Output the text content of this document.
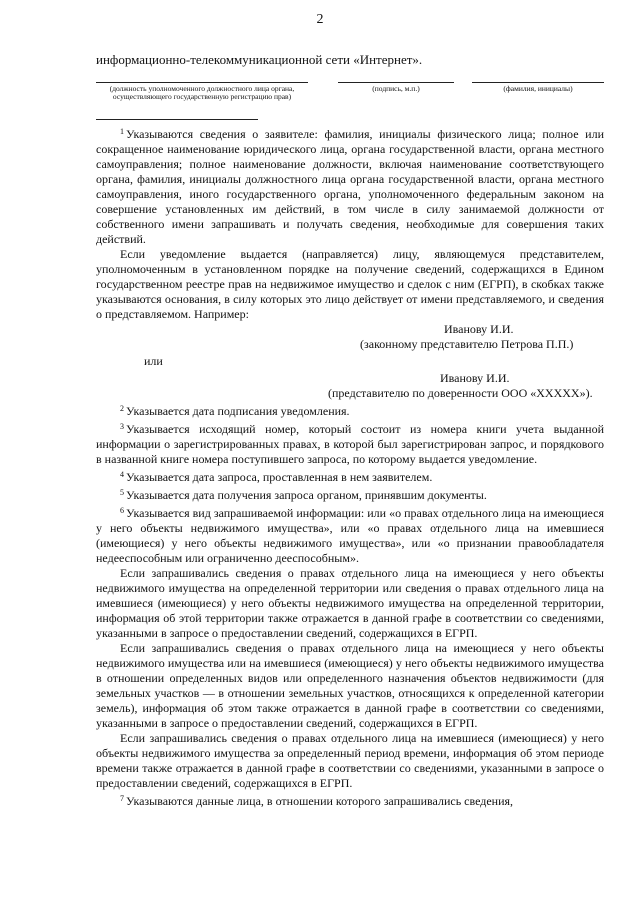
2
информационно-телекоммуникационной сети «Интернет».
(должность уполномоченного должностного лица органа,
осуществляющего государственную регистрацию прав)
(подпись, м.п.)	(фамилия, инициалы)

$^1$ Указываются сведения о заявителе: фамилия, инициалы физического лица; полное или сокращенное наименование юридического лица, органа государственной власти, органа местного самоуправления; полное наименование должности, включая наименование соответствующего органа, фамилия, инициалы должностного лица органа государственной власти, органа местного самоуправления, иного государственного органа, уполномоченного федеральным законом на совершение установленных им действий, в том числе в силу занимаемой должности от собственного имени запрашивать и получать сведения, необходимые для совершения таких действий.

Если уведомление выдается (направляется) лицу, являющемуся представителем, уполномоченным в установленном порядке на получение сведений, содержащихся в Едином государственном реестре прав на недвижимое имущество и сделок с ним (ЕГРП), в скобках также указываются основания, в силу которых это лицо действует от имени представляемого, и сведения о представляемом. Например:

Иванову И.И.

(законному представителю Петрова П.П.)

или

Иванову И.И.

(представителю по доверенности ООО «XXXXX»).

$^2$ Указывается дата подписания уведомления.

$^3$ Указывается исходящий номер, который состоит из номера книги учета выданной информации о зарегистрированных правах, в которой был зарегистрирован запрос, и порядкового в названной книге номера поступившего запроса, по которому выдается уведомление.

$^4$ Указывается дата запроса, проставленная в нем заявителем.

$^5$ Указывается дата получения запроса органом, принявшим документы.

$^6$ Указывается вид запрашиваемой информации: или «о правах отдельного лица на имеющиеся у него объекты недвижимого имущества», или «о правах отдельного лица на имевшиеся (имеющиеся) у него объекты недвижимого имущества», или «о признании правообладателя недееспособным или ограниченно дееспособным».

Если запрашивались сведения о правах отдельного лица на имеющиеся у него объекты недвижимого имущества на определенной территории или сведения о правах отдельного лица на имевшиеся (имеющиеся) у него объекты недвижимого имущества на определенной территории, информация об этой территории также отражается в данной графе в соответствии со сведениями, указанными в запросе о предоставлении сведений, содержащихся в ЕГРП.

Если запрашивались сведения о правах отдельного лица на имеющиеся у него объекты недвижимого имущества или на имевшиеся (имеющиеся) у него объекты недвижимого имущества в отношении определенных видов или определенного назначения объектов недвижимости (для земельных участков — в отношении земельных участков, относящихся к определенной категории земель), информация об этом также отражается в данной графе в соответствии со сведениями, указанными в запросе о предоставлении сведений, содержащихся в ЕГРП.

Если запрашивались сведения о правах отдельного лица на имевшиеся (имеющиеся) у него объекты недвижимого имущества за определенный период времени, информация об этом периоде времени также отражается в данной графе в соответствии со сведениями, указанными в запросе о предоставлении сведений, содержащихся в ЕГРП.

$^7$ Указываются данные лица, в отношении которого запрашивались сведения,
